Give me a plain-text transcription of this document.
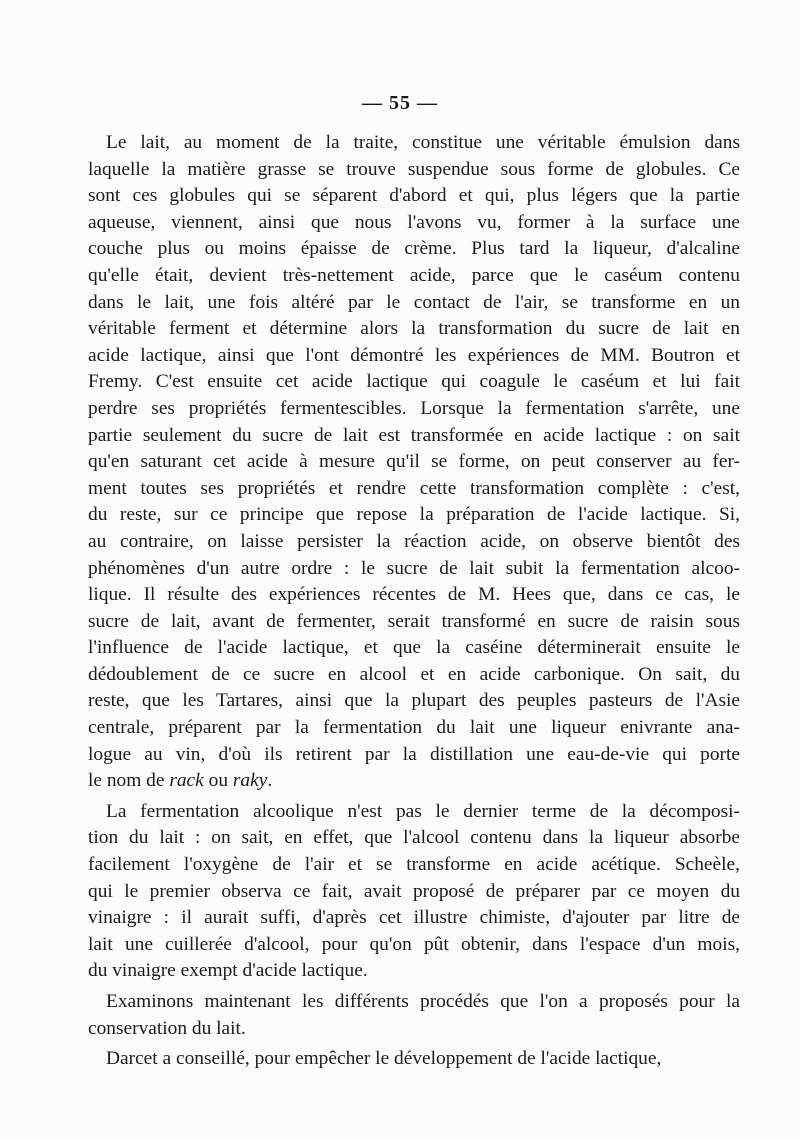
— 55 —
Le lait, au moment de la traite, constitue une véritable émulsion dans
laquelle la matière grasse se trouve suspendue sous forme de globules. Ce
sont ces globules qui se séparent d'abord et qui, plus légers que la partie
aqueuse, viennent, ainsi que nous l'avons vu, former à la surface une
couche plus ou moins épaisse de crème. Plus tard la liqueur, d'alcaline
qu'elle était, devient très-nettement acide, parce que le caséum contenu
dans le lait, une fois altéré par le contact de l'air, se transforme en un
véritable ferment et détermine alors la transformation du sucre de lait en
acide lactique, ainsi que l'ont démontré les expériences de MM. Boutron et
Fremy. C'est ensuite cet acide lactique qui coagule le caséum et lui fait
perdre ses propriétés fermentescibles. Lorsque la fermentation s'arrête, une
partie seulement du sucre de lait est transformée en acide lactique : on sait
qu'en saturant cet acide à mesure qu'il se forme, on peut conserver au fer-
ment toutes ses propriétés et rendre cette transformation complète : c'est,
du reste, sur ce principe que repose la préparation de l'acide lactique. Si,
au contraire, on laisse persister la réaction acide, on observe bientôt des
phénomènes d'un autre ordre : le sucre de lait subit la fermentation alcoo-
lique. Il résulte des expériences récentes de M. Hees que, dans ce cas, le
sucre de lait, avant de fermenter, serait transformé en sucre de raisin sous
l'influence de l'acide lactique, et que la caséine déterminerait ensuite le
dédoublement de ce sucre en alcool et en acide carbonique. On sait, du
reste, que les Tartares, ainsi que la plupart des peuples pasteurs de l'Asie
centrale, préparent par la fermentation du lait une liqueur enivrante ana-
logue au vin, d'où ils retirent par la distillation une eau-de-vie qui porte
le nom de rack ou raky.
La fermentation alcoolique n'est pas le dernier terme de la décomposi-
tion du lait : on sait, en effet, que l'alcool contenu dans la liqueur absorbe
facilement l'oxygène de l'air et se transforme en acide acétique. Scheèle,
qui le premier observa ce fait, avait proposé de préparer par ce moyen du
vinaigre : il aurait suffi, d'après cet illustre chimiste, d'ajouter par litre de
lait une cuillerée d'alcool, pour qu'on pût obtenir, dans l'espace d'un mois,
du vinaigre exempt d'acide lactique.
Examinons maintenant les différents procédés que l'on a proposés pour la
conservation du lait.
Darcet a conseillé, pour empêcher le développement de l'acide lactique,
